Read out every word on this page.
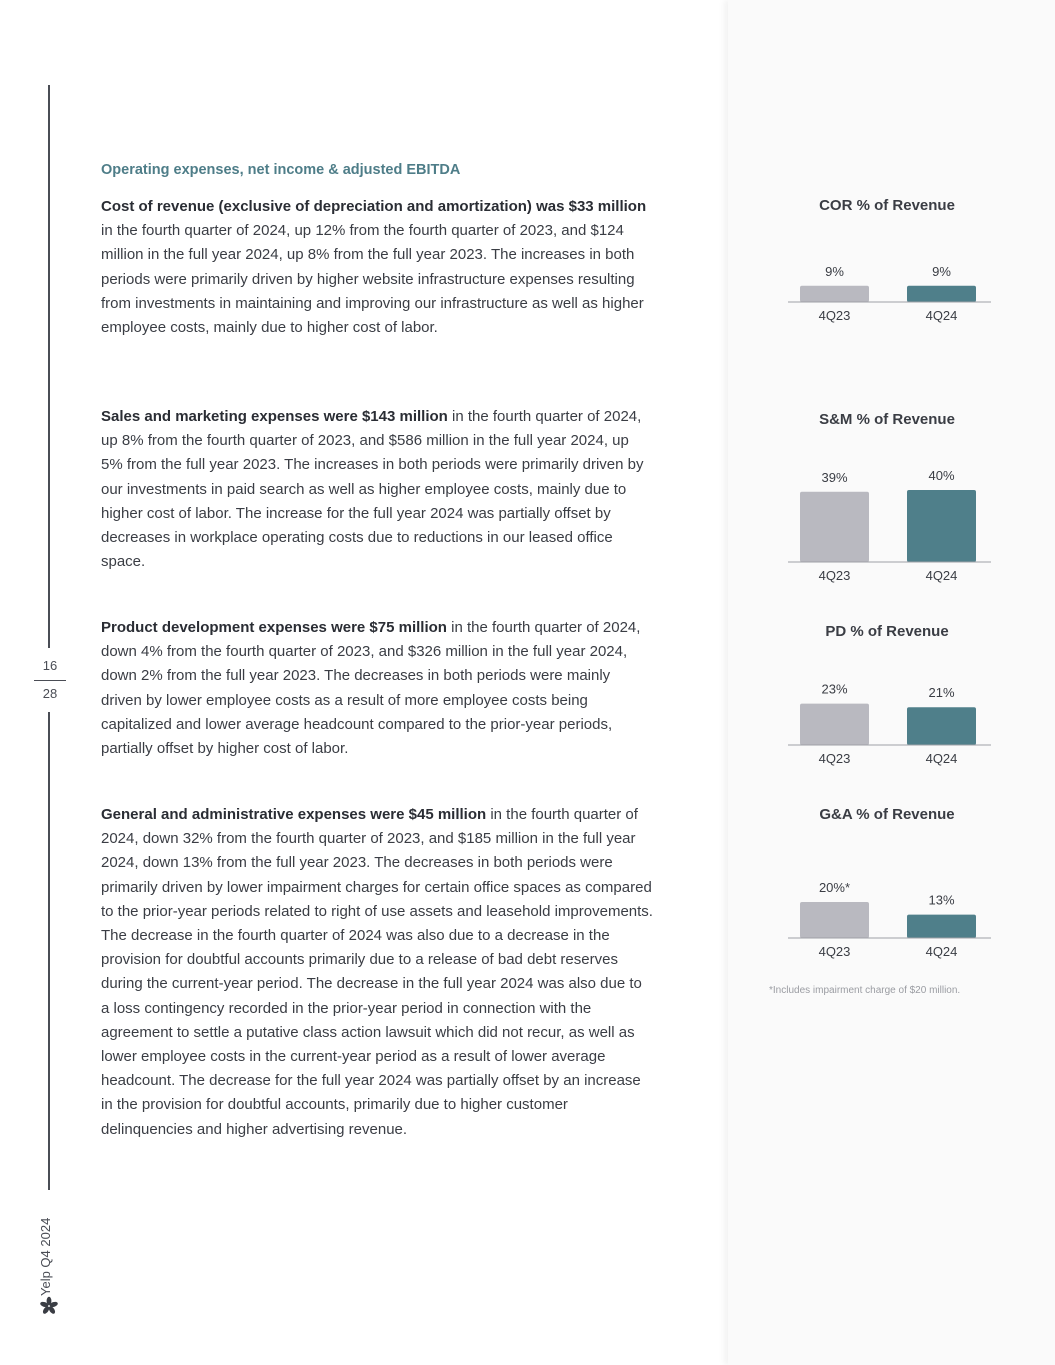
16
28
Yelp Q4 2024
Operating expenses, net income & adjusted EBITDA

Cost of revenue (exclusive of depreciation and amortization) was $33 million in the fourth quarter of 2024, up 12% from the fourth quarter of 2023, and $124 million in the full year 2024, up 8% from the full year 2023. The increases in both periods were primarily driven by higher website infrastructure expenses resulting from investments in maintaining and improving our infrastructure as well as higher employee costs, mainly due to higher cost of labor.

Sales and marketing expenses were $143 million in the fourth quarter of 2024, up 8% from the fourth quarter of 2023, and $586 million in the full year 2024, up 5% from the full year 2023. The increases in both periods were primarily driven by our investments in paid search as well as higher employee costs, mainly due to higher cost of labor. The increase for the full year 2024 was partially offset by decreases in workplace operating costs due to reductions in our leased office space.

Product development expenses were $75 million in the fourth quarter of 2024, down 4% from the fourth quarter of 2023, and $326 million in the full year 2024, down 2% from the full year 2023. The decreases in both periods were mainly driven by lower employee costs as a result of more employee costs being capitalized and lower average headcount compared to the prior-year periods, partially offset by higher cost of labor.

General and administrative expenses were $45 million in the fourth quarter of 2024, down 32% from the fourth quarter of 2023, and $185 million in the full year 2024, down 13% from the full year 2023. The decreases in both periods were primarily driven by lower impairment charges for certain office spaces as compared to the prior-year periods related to right of use assets and leasehold improvements. The decrease in the fourth quarter of 2024 was also due to a decrease in the provision for doubtful accounts primarily due to a release of bad debt reserves during the current-year period. The decrease in the full year 2024 was also due to a loss contingency recorded in the prior-year period in connection with the agreement to settle a putative class action lawsuit which did not recur, as well as lower employee costs in the current-year period as a result of lower average headcount. The decrease for the full year 2024 was partially offset by an increase in the provision for doubtful accounts, primarily due to higher customer delinquencies and higher advertising revenue.

COR % of Revenue
9%
4Q23
9%
4Q24
S&M % of Revenue
39%
4Q23
40%
4Q24
PD % of Revenue
23%
4Q23
21%
4Q24
G&A % of Revenue
20%*
4Q23
13%
4Q24
*Includes impairment charge of $20 million.
